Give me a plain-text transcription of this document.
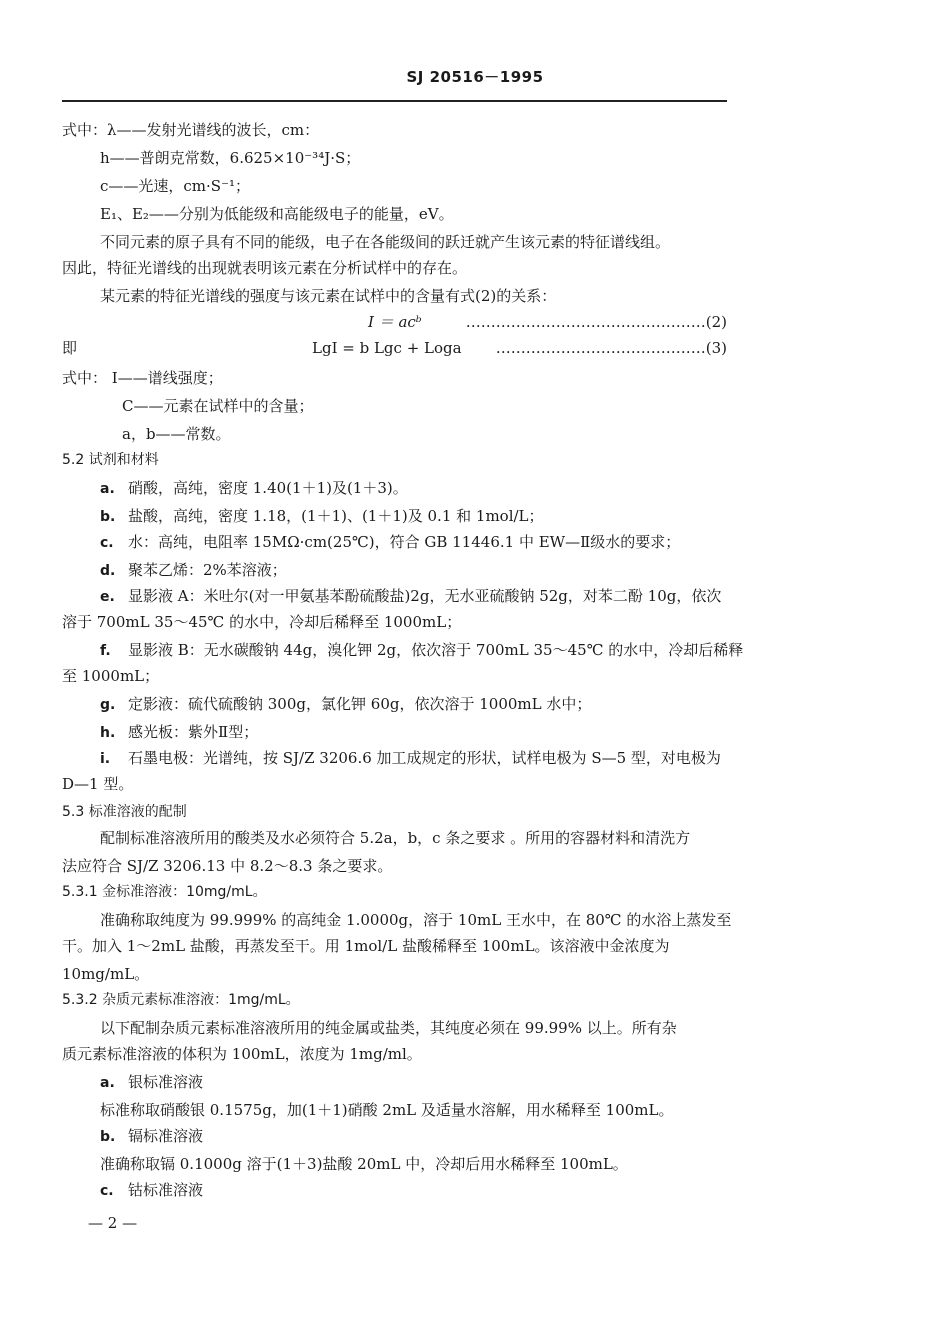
SJ 20516－1995
式中：λ——发射光谱线的波长，cm：
h——普朗克常数，6.625×10⁻³⁴J·S；
c——光速，cm·S⁻¹；
E₁、E₂——分别为低能级和高能级电子的能量，eV。
不同元素的原子具有不同的能级，电子在各能级间的跃迁就产生该元素的特征谱线组。
因此，特征光谱线的出现就表明该元素在分析试样中的存在。
某元素的特征光谱线的强度与该元素在试样中的含量有式(2)的关系：
I ＝ acᵇ	…………………………………………(2)
即	LgI = b Lgc + Loga	……………………………………(3)
式中： I——谱线强度；
C——元素在试样中的含量；
a，b——常数。
5.2 试剂和材料
a. 硝酸，高纯，密度 1.40(1＋1)及(1＋3)。
b. 盐酸，高纯，密度 1.18，(1＋1)、(1＋1)及 0.1 和 1mol/L；
c. 水：高纯，电阻率 15MΩ·cm(25℃)，符合 GB 11446.1 中 EW—Ⅱ级水的要求；
d. 聚苯乙烯：2%苯溶液；
e. 显影液 A：米吐尔(对一甲氨基苯酚硫酸盐)2g，无水亚硫酸钠 52g，对苯二酚 10g，依次
溶于 700mL 35～45℃ 的水中，冷却后稀释至 1000mL；
f. 显影液 B：无水碳酸钠 44g，溴化钾 2g，依次溶于 700mL 35～45℃ 的水中，冷却后稀释
至 1000mL；
g. 定影液：硫代硫酸钠 300g，氯化钾 60g，依次溶于 1000mL 水中；
h. 感光板：紫外Ⅱ型；
i. 石墨电极：光谱纯，按 SJ/Z 3206.6 加工成规定的形状，试样电极为 S—5 型，对电极为
D—1 型。
5.3 标准溶液的配制
配制标准溶液所用的酸类及水必须符合 5.2a，b，c 条之要求 。所用的容器材料和清洗方
法应符合 SJ/Z 3206.13 中 8.2～8.3 条之要求。
5.3.1 金标准溶液：10mg/mL。
准确称取纯度为 99.999% 的高纯金 1.0000g，溶于 10mL 王水中，在 80℃ 的水浴上蒸发至
干。加入 1～2mL 盐酸，再蒸发至干。用 1mol/L 盐酸稀释至 100mL。该溶液中金浓度为
10mg/mL。
5.3.2 杂质元素标准溶液：1mg/mL。
以下配制杂质元素标准溶液所用的纯金属或盐类，其纯度必须在 99.99% 以上。所有杂
质元素标准溶液的体积为 100mL，浓度为 1mg/ml。
a. 银标准溶液
标准称取硝酸银 0.1575g，加(1＋1)硝酸 2mL 及适量水溶解，用水稀释至 100mL。
b. 镉标准溶液
准确称取镉 0.1000g 溶于(1＋3)盐酸 20mL 中，冷却后用水稀释至 100mL。
c. 钴标准溶液
— 2 —
